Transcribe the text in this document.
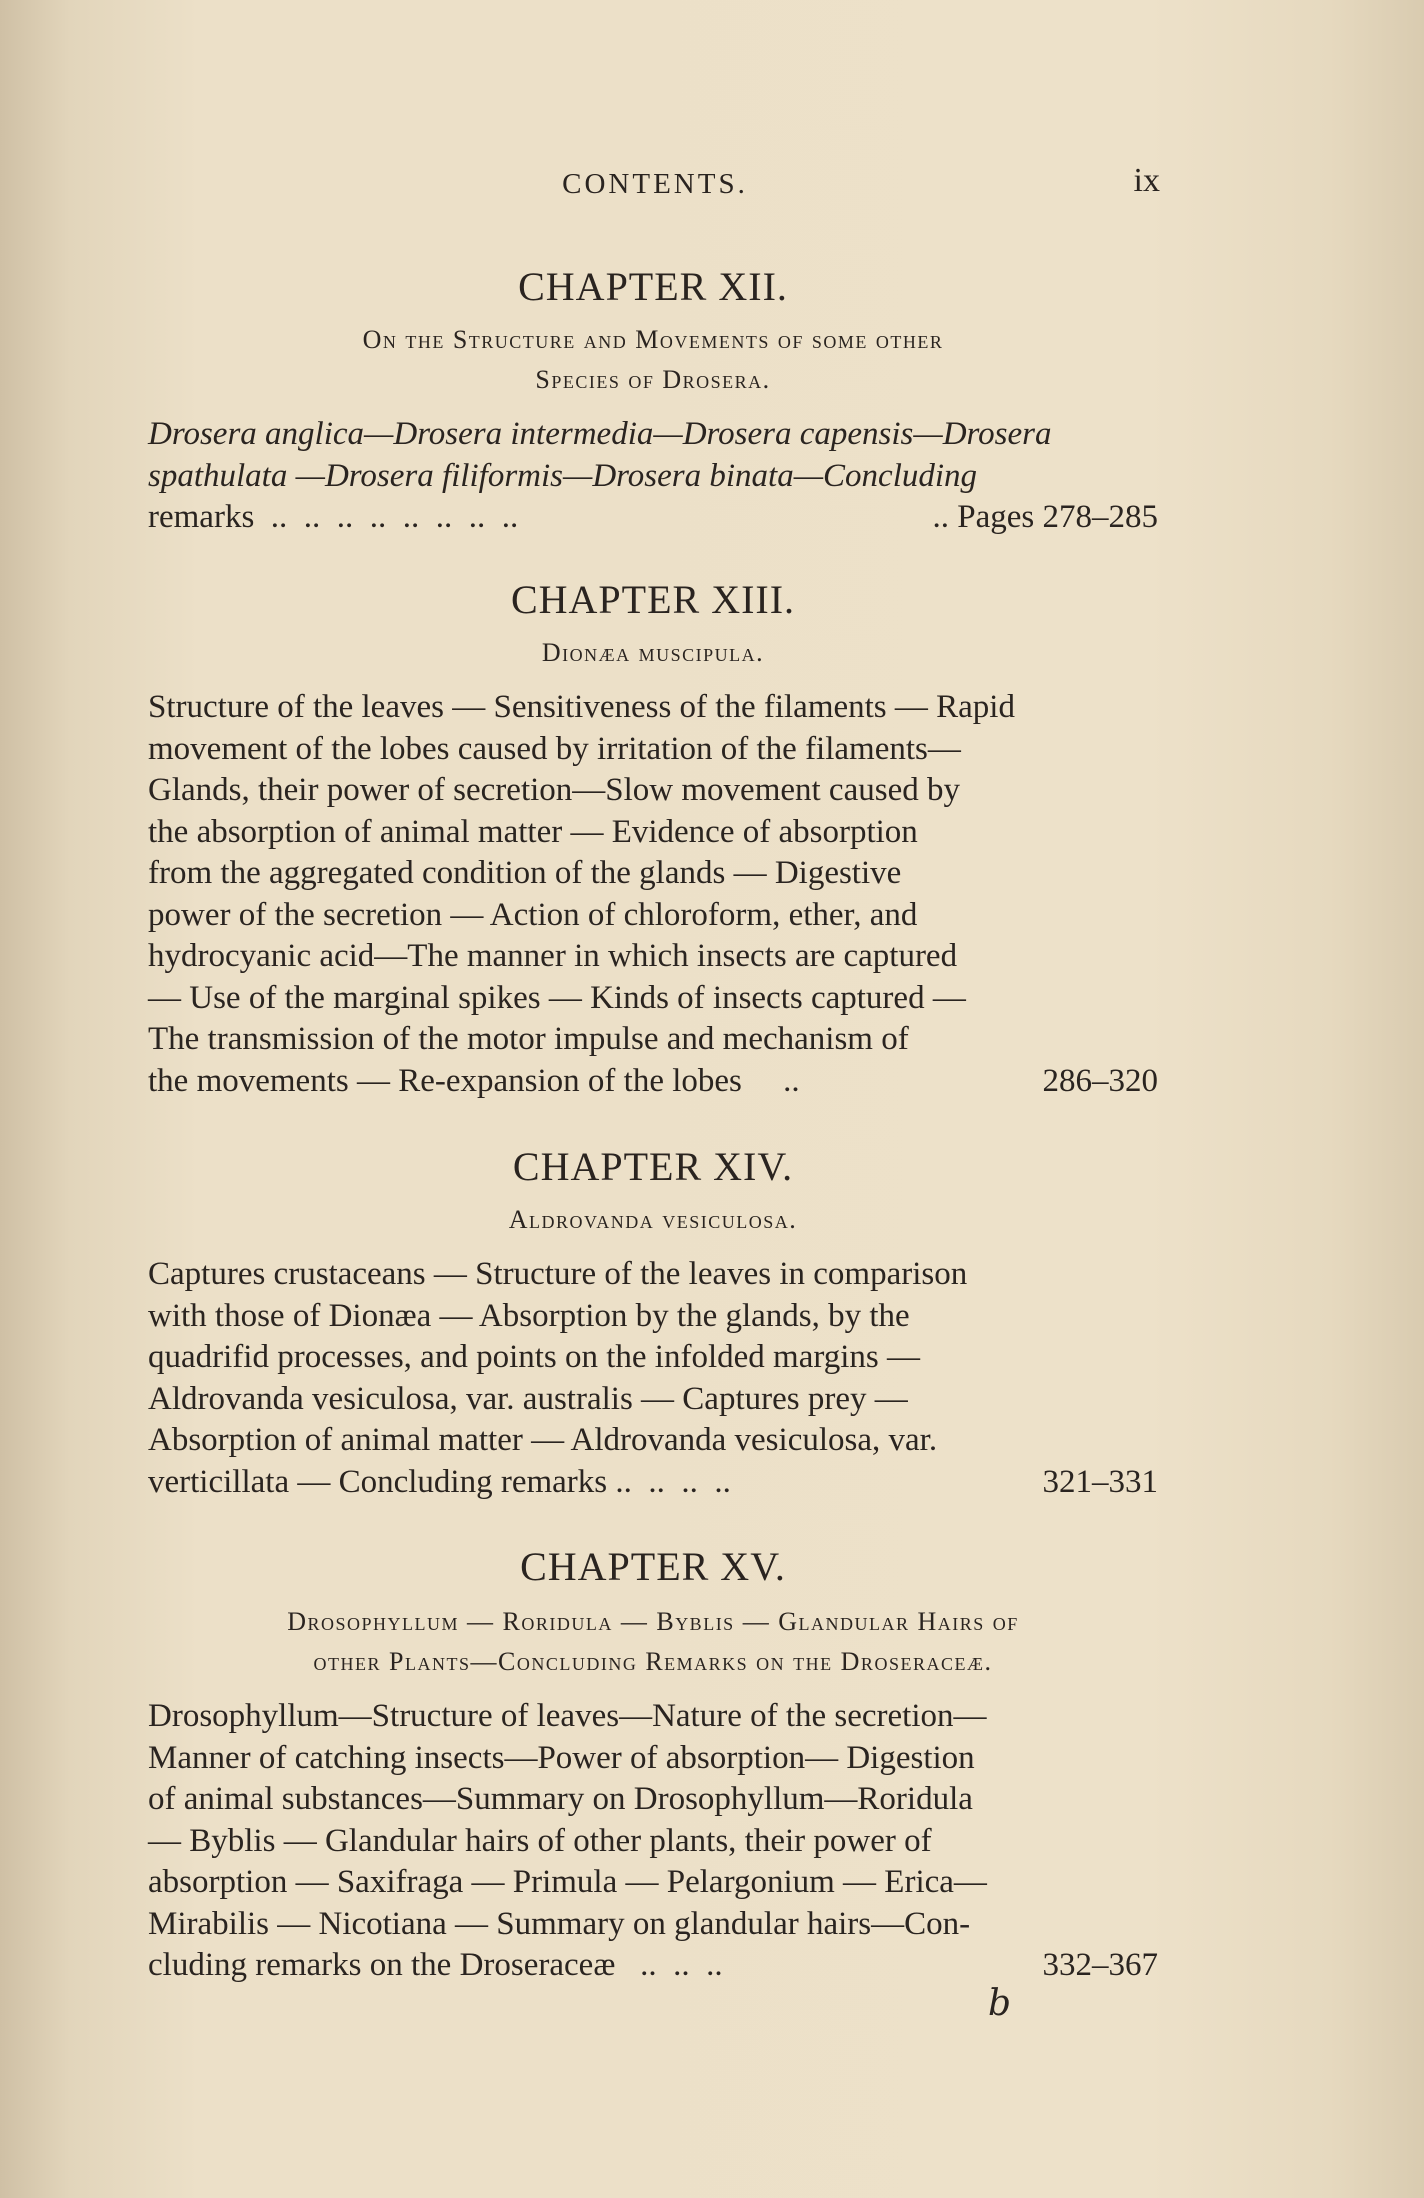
CONTENTS.	ix
CHAPTER XII.
On the Structure and Movements of some other
Species of Drosera.
Drosera anglica—Drosera intermedia—Drosera capensis—Drosera
spathulata —Drosera filiformis—Drosera binata—Concluding
remarks  ..  ..  ..  ..  ..  ..  ..  ..	.. Pages 278–285
CHAPTER XIII.
Dionæa muscipula.
Structure of the leaves — Sensitiveness of the filaments — Rapid
movement of the lobes caused by irritation of the filaments—
Glands, their power of secretion—Slow movement caused by
the absorption of animal matter — Evidence of absorption
from the aggregated condition of the glands — Digestive
power of the secretion — Action of chloroform, ether, and
hydrocyanic acid—The manner in which insects are captured
— Use of the marginal spikes — Kinds of insects captured —
The transmission of the motor impulse and mechanism of
the movements — Re-expansion of the lobes     ..	286–320
CHAPTER XIV.
Aldrovanda vesiculosa.
Captures crustaceans — Structure of the leaves in comparison
with those of Dionæa — Absorption by the glands, by the
quadrifid processes, and points on the infolded margins —
Aldrovanda vesiculosa, var. australis — Captures prey —
Absorption of animal matter — Aldrovanda vesiculosa, var.
verticillata — Concluding remarks ..  ..  ..  ..	321–331
CHAPTER XV.
Drosophyllum — Roridula — Byblis — Glandular Hairs of
other Plants—Concluding Remarks on the Droseraceæ.
Drosophyllum—Structure of leaves—Nature of the secretion—
Manner of catching insects—Power of absorption— Digestion
of animal substances—Summary on Drosophyllum—Roridula
— Byblis — Glandular hairs of other plants, their power of
absorption — Saxifraga — Primula — Pelargonium — Erica—
Mirabilis — Nicotiana — Summary on glandular hairs—Con-
cluding remarks on the Droseraceæ   ..  ..  ..	332–367
b
